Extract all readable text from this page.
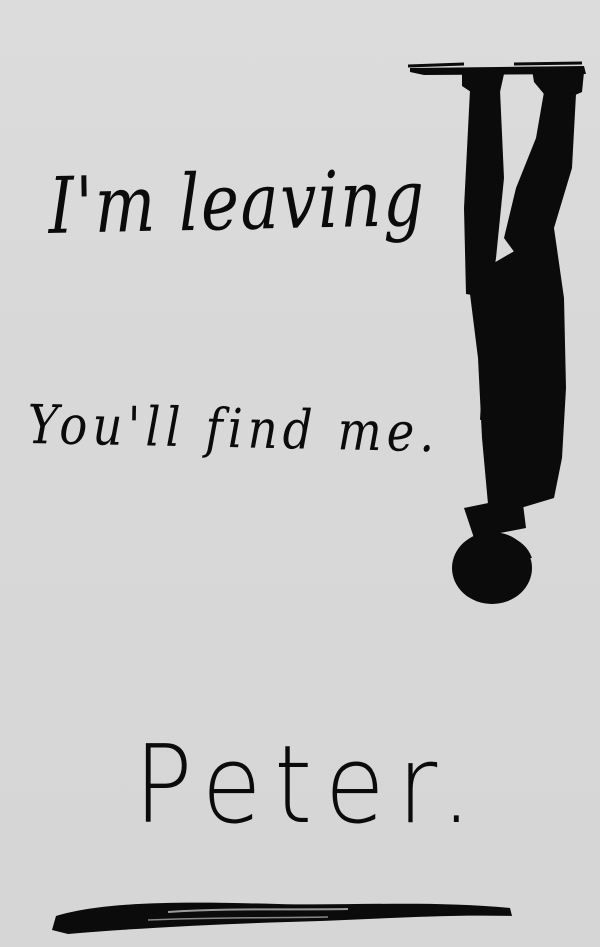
I'm leaving
You'll find me.
Peter.
